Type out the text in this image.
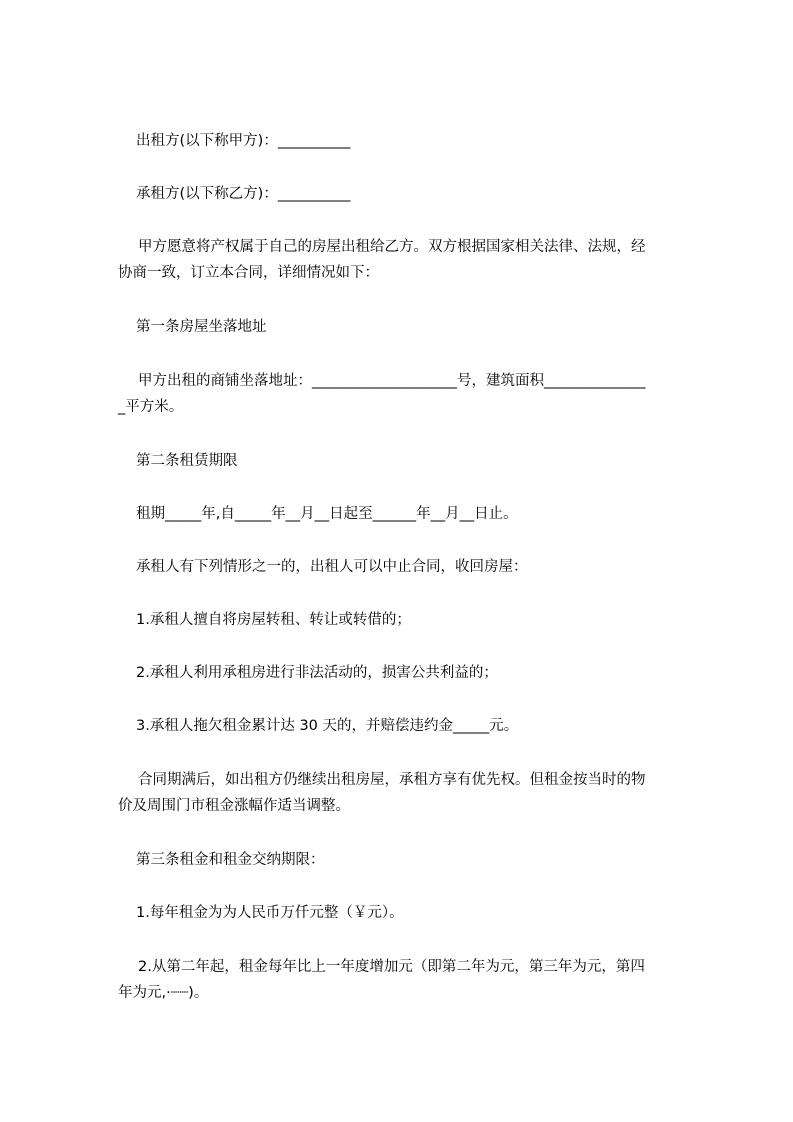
出租方(以下称甲方)：__________
承租方(以下称乙方)：__________
甲方愿意将产权属于自己的房屋出租给乙方。双方根据国家相关法律、法规，经
协商一致，订立本合同，详细情况如下：
第一条房屋坐落地址
甲方出租的商铺坐落地址：____________________号，建筑面积______________
_平方米。
第二条租赁期限
租期_____年,自_____年__月__日起至______年__月__日止。
承租人有下列情形之一的，出租人可以中止合同，收回房屋：
1.承租人擅自将房屋转租、转让或转借的；
2.承租人利用承租房进行非法活动的，损害公共利益的；
3.承租人拖欠租金累计达 30 天的，并赔偿违约金_____元。
合同期满后，如出租方仍继续出租房屋，承租方享有优先权。但租金按当时的物
价及周围门市租金涨幅作适当调整。
第三条租金和租金交纳期限：
1.每年租金为为人民币万仟元整（￥元）。
2.从第二年起，租金每年比上一年度增加元（即第二年为元，第三年为元，第四
年为元,·┈┈)。
